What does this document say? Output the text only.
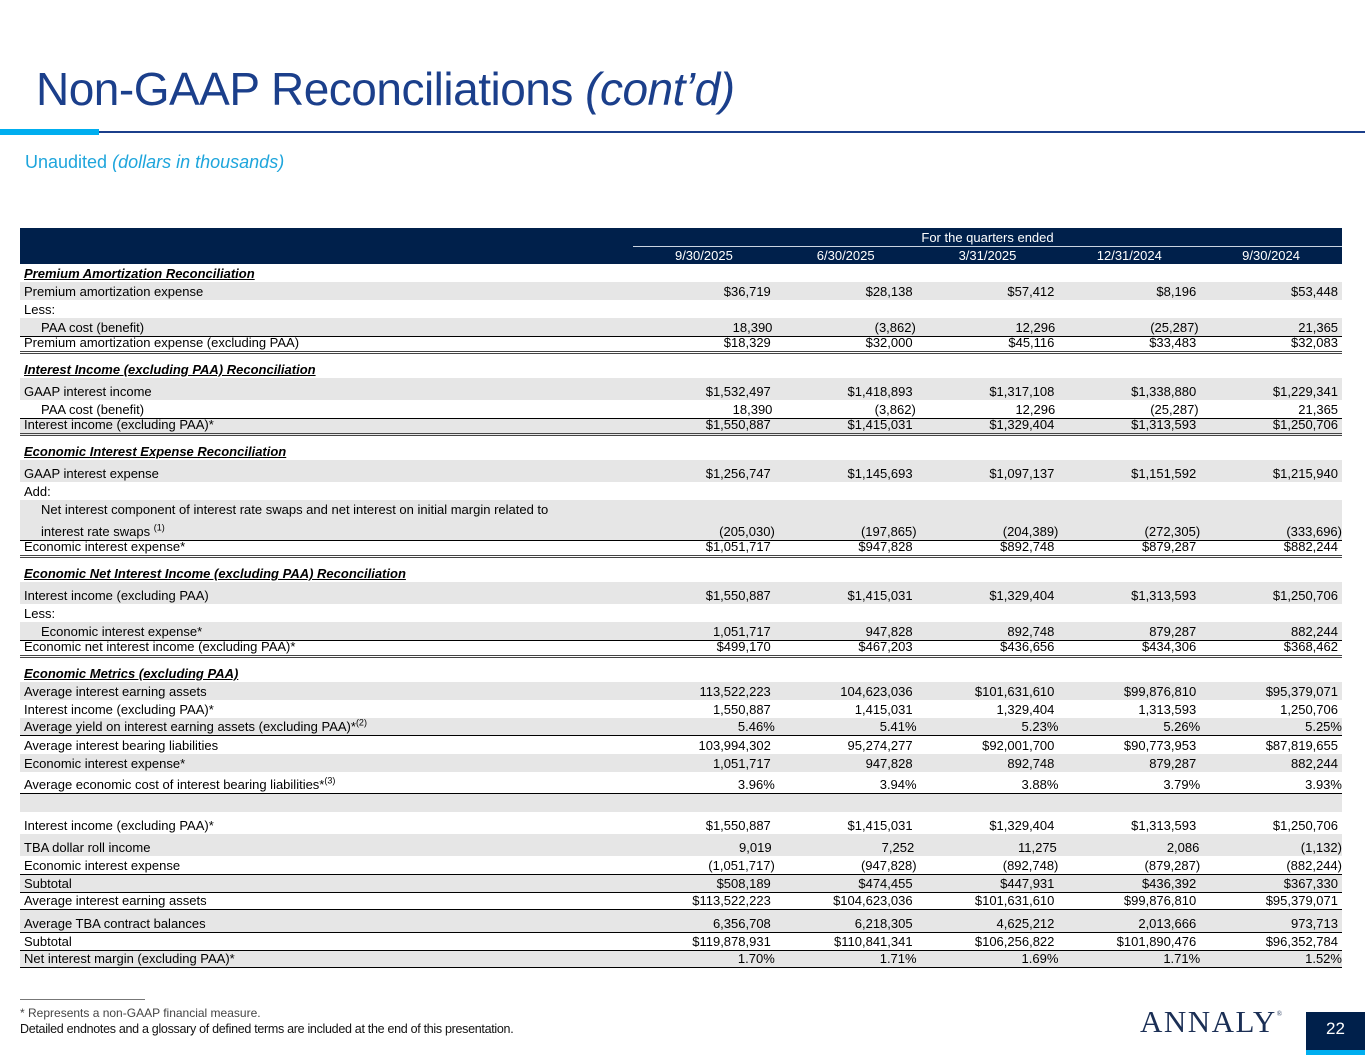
Non-GAAP Reconciliations (cont’d)
Unaudited (dollars in thousands)
For the quarters ended
9/30/2025	6/30/2025	3/31/2025	12/31/2024	9/30/2024
Premium Amortization Reconciliation
Premium amortization expense	$36,719	$28,138	$57,412	$8,196	$53,448
Less:
PAA cost (benefit)	18,390	(3,862)	12,296	(25,287)	21,365
Premium amortization expense (excluding PAA)	$18,329	$32,000	$45,116	$33,483	$32,083
Interest Income (excluding PAA) Reconciliation
GAAP interest income	$1,532,497	$1,418,893	$1,317,108	$1,338,880	$1,229,341
PAA cost (benefit)	18,390	(3,862)	12,296	(25,287)	21,365
Interest income (excluding PAA)*	$1,550,887	$1,415,031	$1,329,404	$1,313,593	$1,250,706
Economic Interest Expense Reconciliation
GAAP interest expense	$1,256,747	$1,145,693	$1,097,137	$1,151,592	$1,215,940
Add:
Net interest component of interest rate swaps and net interest on initial margin related to
interest rate swaps $^{(1)}$	(205,030)	(197,865)	(204,389)	(272,305)	(333,696)
Economic interest expense*	$1,051,717	$947,828	$892,748	$879,287	$882,244
Economic Net Interest Income (excluding PAA) Reconciliation
Interest income (excluding PAA)	$1,550,887	$1,415,031	$1,329,404	$1,313,593	$1,250,706
Less:
Economic interest expense*	1,051,717	947,828	892,748	879,287	882,244
Economic net interest income (excluding PAA)*	$499,170	$467,203	$436,656	$434,306	$368,462
Economic Metrics (excluding PAA)
Average interest earning assets	113,522,223	104,623,036	$101,631,610	$99,876,810	$95,379,071
Interest income (excluding PAA)*	1,550,887	1,415,031	1,329,404	1,313,593	1,250,706
Average yield on interest earning assets (excluding PAA)*$^{(2)}$	5.46%	5.41%	5.23%	5.26%	5.25%
Average interest bearing liabilities	103,994,302	95,274,277	$92,001,700	$90,773,953	$87,819,655
Economic interest expense*	1,051,717	947,828	892,748	879,287	882,244
Average economic cost of interest bearing liabilities*$^{(3)}$	3.96%	3.94%	3.88%	3.79%	3.93%
Interest income (excluding PAA)*	$1,550,887	$1,415,031	$1,329,404	$1,313,593	$1,250,706
TBA dollar roll income	9,019	7,252	11,275	2,086	(1,132)
Economic interest expense	(1,051,717)	(947,828)	(892,748)	(879,287)	(882,244)
Subtotal	$508,189	$474,455	$447,931	$436,392	$367,330
Average interest earning assets	$113,522,223	$104,623,036	$101,631,610	$99,876,810	$95,379,071
Average TBA contract balances	6,356,708	6,218,305	4,625,212	2,013,666	973,713
Subtotal	$119,878,931	$110,841,341	$106,256,822	$101,890,476	$96,352,784
Net interest margin (excluding PAA)*	1.70%	1.71%	1.69%	1.71%	1.52%
* Represents a non-GAAP financial measure.
Detailed endnotes and a glossary of defined terms are included at the end of this presentation.	ANNALY®
22
